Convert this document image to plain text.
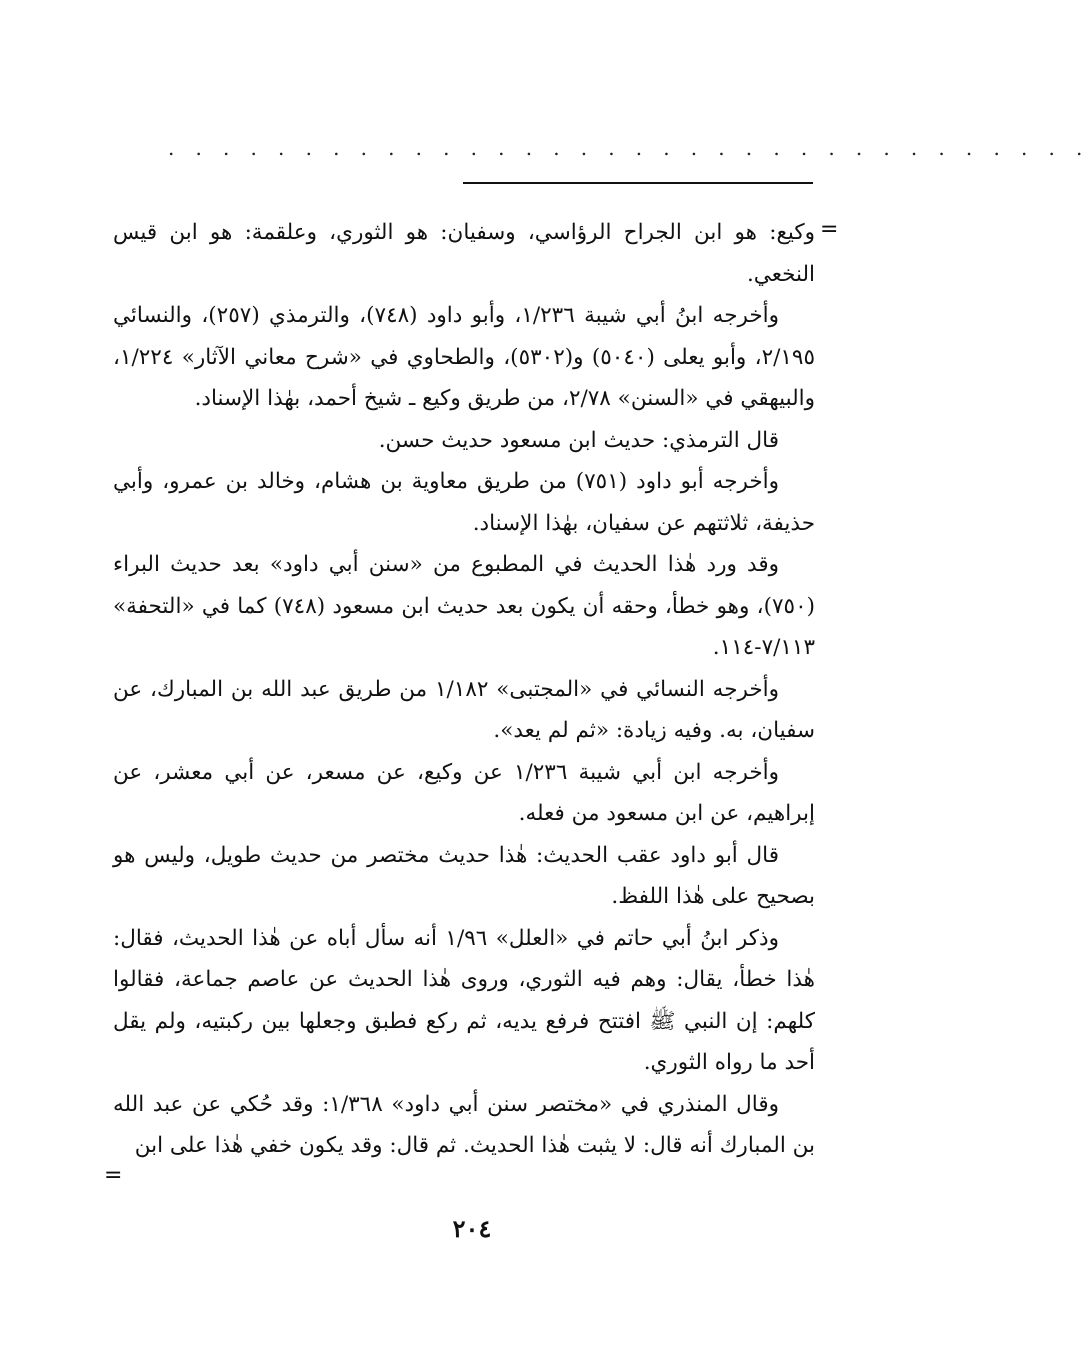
. . . . . . . . . . . . . . . . . . . . . . . . . . . . . . . . . .
=

وكيع: هو ابن الجراح الرؤاسي، وسفيان: هو الثوري، وعلقمة: هو ابن قيس النخعي.

وأخرجه ابنُ أبي شيبة ١/٢٣٦، وأبو داود (٧٤٨)، والترمذي (٢٥٧)، والنسائي ٢/١٩٥، وأبو يعلى (٥٠٤٠) و(٥٣٠٢)، والطحاوي في «شرح معاني الآثار» ١/٢٢٤، والبيهقي في «السنن» ٢/٧٨، من طريق وكيع ـ شيخ أحمد، بهٰذا الإسناد.

قال الترمذي: حديث ابن مسعود حديث حسن.

وأخرجه أبو داود (٧٥١) من طريق معاوية بن هشام، وخالد بن عمرو، وأبي حذيفة، ثلاثتهم عن سفيان، بهٰذا الإسناد.

وقد ورد هٰذا الحديث في المطبوع من «سنن أبي داود» بعد حديث البراء (٧٥٠)، وهو خطأ، وحقه أن يكون بعد حديث ابن مسعود (٧٤٨) كما في «التحفة» ٧/١١٣-١١٤.

وأخرجه النسائي في «المجتبى» ١/١٨٢ من طريق عبد الله بن المبارك، عن سفيان، به. وفيه زيادة: «ثم لم يعد».

وأخرجه ابن أبي شيبة ١/٢٣٦ عن وكيع، عن مسعر، عن أبي معشر، عن إبراهيم، عن ابن مسعود من فعله.

قال أبو داود عقب الحديث: هٰذا حديث مختصر من حديث طويل، وليس هو بصحيح على هٰذا اللفظ.

وذكر ابنُ أبي حاتم في «العلل» ١/٩٦ أنه سأل أباه عن هٰذا الحديث، فقال: هٰذا خطأ، يقال: وهم فيه الثوري، وروى هٰذا الحديث عن عاصم جماعة، فقالوا كلهم: إن النبي ﷺ افتتح فرفع يديه، ثم ركع فطبق وجعلها بين ركبتيه، ولم يقل أحد ما رواه الثوري.

وقال المنذري في «مختصر سنن أبي داود» ١/٣٦٨: وقد حُكي عن عبد الله بن المبارك أنه قال: لا يثبت هٰذا الحديث. ثم قال: وقد يكون خفي هٰذا على ابن

=
٢٠٤
